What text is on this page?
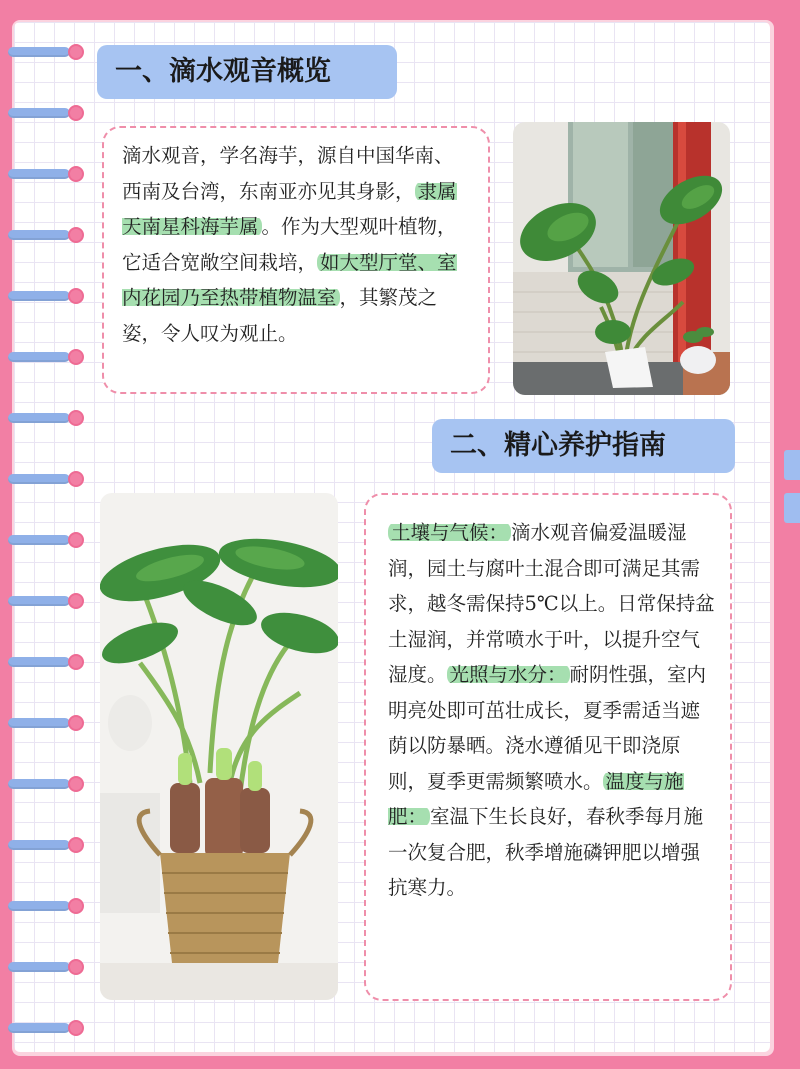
一、滴水观音概览
滴水观音，学名海芋，源自中国华南、西南及台湾，东南亚亦见其身影， 隶属天南星科海芋属 。作为大型观叶植物，它适合宽敞空间栽培， 如大型厅堂、室内花园乃至热带植物温室 ，其繁茂之姿，令人叹为观止。
二、精心养护指南
土壤与气候： 滴水观音偏爱温暖湿润，园土与腐叶土混合即可满足其需求，越冬需保持5℃以上。日常保持盆土湿润，并常喷水于叶，以提升空气湿度。 光照与水分： 耐阴性强，室内明亮处即可茁壮成长，夏季需适当遮荫以防暴晒。浇水遵循见干即浇原则，夏季更需频繁喷水。 温度与施肥： 室温下生长良好，春秋季每月施一次复合肥，秋季增施磷钾肥以增强抗寒力。
